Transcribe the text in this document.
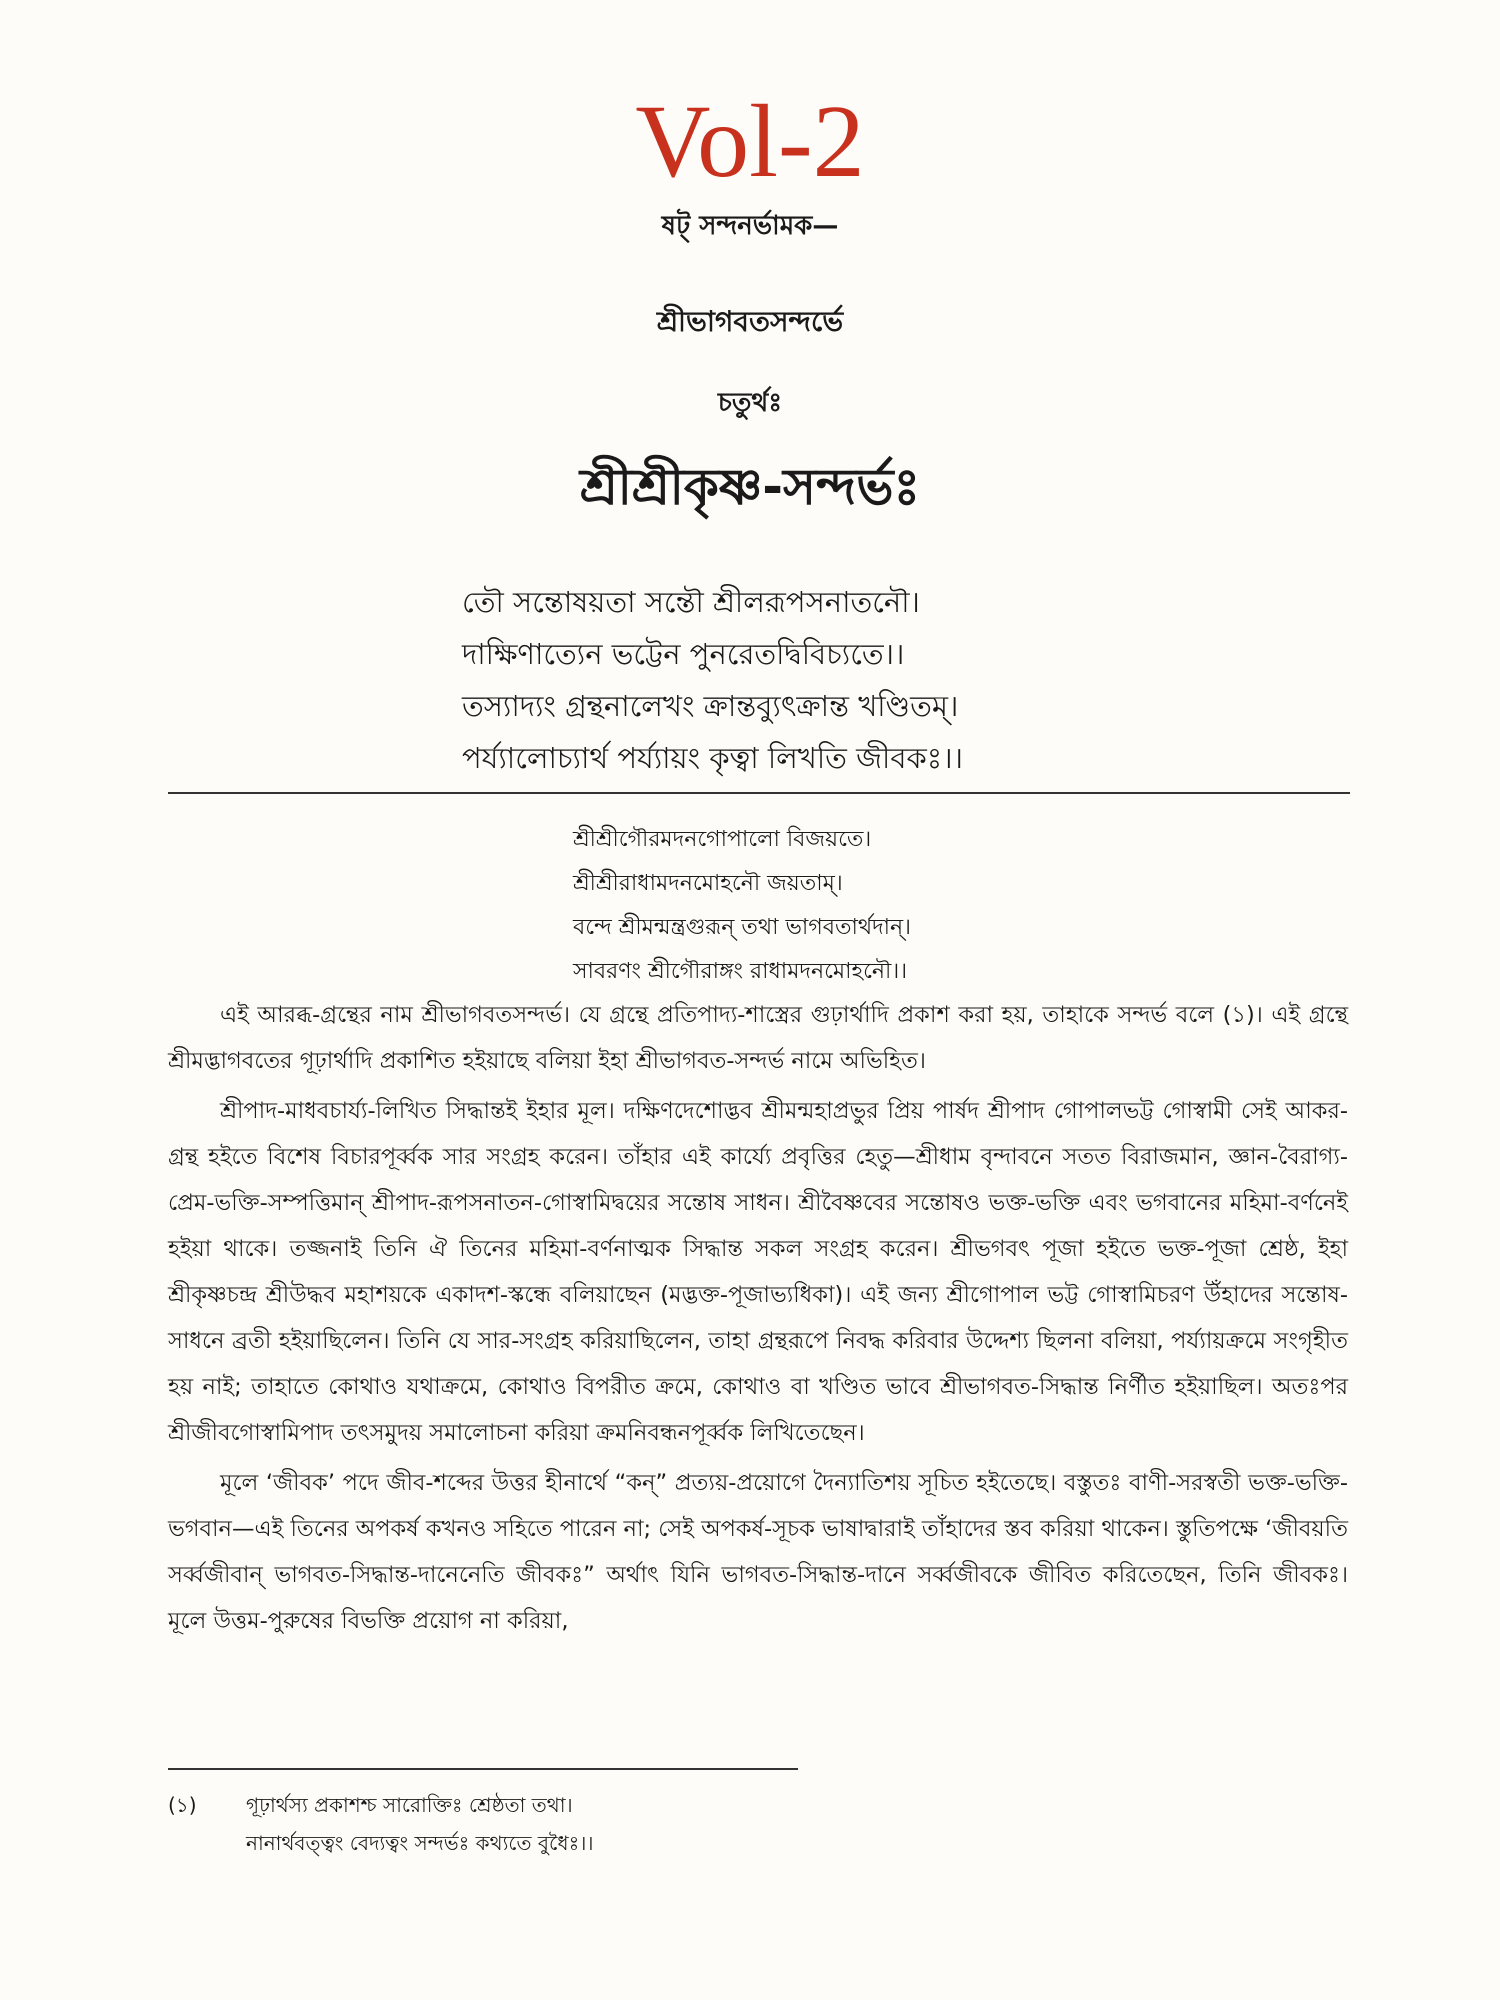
Vol-2
ষট্ সন্দনর্ভামক—
শ্রীভাগবতসন্দর্ভে
চতুর্থঃ
শ্রীশ্রীকৃষ্ণ-সন্দর্ভঃ
তৌ সন্তোষয়তা সন্তৌ শ্রীলরূপসনাতনৌ।
দাক্ষিণাত্যেন ভট্টেন পুনরেতদ্বিবিচ্যতে।।
তস্যাদ্যং গ্রন্থনালেখং ক্রান্তব্যুৎক্রান্ত খণ্ডিতম্।
পর্য্যালোচ্যার্থ পর্য্যায়ং কৃত্বা লিখতি জীবকঃ।।
শ্রীশ্রীগৌরমদনগোপালো বিজয়তে।
শ্রীশ্রীরাধামদনমোহনৌ জয়তাম্।
বন্দে শ্রীমন্মন্ত্রগুরূন্ তথা ভাগবতার্থদান্।
সাবরণং শ্রীগৌরাঙ্গং রাধামদনমোহনৌ।।

এই আরব্ধ-গ্রন্থের নাম শ্রীভাগবতসন্দর্ভ। যে গ্রন্থে প্রতিপাদ্য-শাস্ত্রের গুঢ়ার্থাদি প্রকাশ করা হয়, তাহাকে সন্দর্ভ বলে (১)। এই গ্রন্থে শ্রীমদ্ভাগবতের গূঢ়ার্থাদি প্রকাশিত হইয়াছে বলিয়া ইহা শ্রীভাগবত-সন্দর্ভ নামে অভিহিত।

শ্রীপাদ-মাধবচার্য্য-লিখিত সিদ্ধান্তই ইহার মূল। দক্ষিণদেশোদ্ভব শ্রীমন্মহাপ্রভুর প্রিয় পার্ষদ শ্রীপাদ গোপালভট্ট গোস্বামী সেই আকর-গ্রন্থ হইতে বিশেষ বিচারপূর্ব্বক সার সংগ্রহ করেন। তাঁহার এই কার্য্যে প্রবৃত্তির হেতু—শ্রীধাম বৃন্দাবনে সতত বিরাজমান, জ্ঞান-বৈরাগ্য-প্রেম-ভক্তি-সম্পত্তিমান্ শ্রীপাদ-রূপসনাতন-গোস্বামিদ্বয়ের সন্তোষ সাধন। শ্রীবৈষ্ণবের সন্তোষও ভক্ত-ভক্তি এবং ভগবানের মহিমা-বর্ণনেই হইয়া থাকে। তজ্জনাই তিনি ঐ তিনের মহিমা-বর্ণনাত্মক সিদ্ধান্ত সকল সংগ্রহ করেন। শ্রীভগবৎ পূজা হইতে ভক্ত-পূজা শ্রেষ্ঠ, ইহা শ্রীকৃষ্ণচন্দ্র শ্রীউদ্ধব মহাশয়কে একাদশ-স্কন্ধে বলিয়াছেন (মদ্ভক্ত-পূজাভ্যধিকা)। এই জন্য শ্রীগোপাল ভট্ট গোস্বামিচরণ উঁহাদের সন্তোষ-সাধনে ব্রতী হইয়াছিলেন। তিনি যে সার-সংগ্রহ করিয়াছিলেন, তাহা গ্রন্থরূপে নিবদ্ধ করিবার উদ্দেশ্য ছিলনা বলিয়া, পর্য্যায়ক্রমে সংগৃহীত হয় নাই; তাহাতে কোথাও যথাক্রমে, কোথাও বিপরীত ক্রমে, কোথাও বা খণ্ডিত ভাবে শ্রীভাগবত-সিদ্ধান্ত নির্ণীত হইয়াছিল। অতঃপর শ্রীজীবগোস্বামিপাদ তৎসমুদয় সমালোচনা করিয়া ক্রমনিবন্ধনপূর্ব্বক লিখিতেছেন।

মূলে ‘জীবক’ পদে জীব-শব্দের উত্তর হীনার্থে “কন্” প্রত্যয়-প্রয়োগে দৈন্যাতিশয় সূচিত হইতেছে। বস্তুতঃ বাণী-সরস্বতী ভক্ত-ভক্তি-ভগবান—এই তিনের অপকর্ষ কখনও সহিতে পারেন না; সেই অপকর্ষ-সূচক ভাষাদ্বারাই তাঁহাদের স্তব করিয়া থাকেন। স্তুতিপক্ষে ‘জীবয়তি সর্ব্বজীবান্ ভাগবত-সিদ্ধান্ত-দানেনেতি জীবকঃ” অর্থাৎ যিনি ভাগবত-সিদ্ধান্ত-দানে সর্ব্বজীবকে জীবিত করিতেছেন, তিনি জীবকঃ। মূলে উত্তম-পুরুষের বিভক্তি প্রয়োগ না করিয়া,

(১) গূঢ়ার্থস্য প্রকাশশ্চ সারোক্তিঃ শ্রেষ্ঠতা তথা।
নানার্থবত্ত্বং বেদ্যত্বং সন্দর্ভঃ কথ্যতে বুধৈঃ।।
